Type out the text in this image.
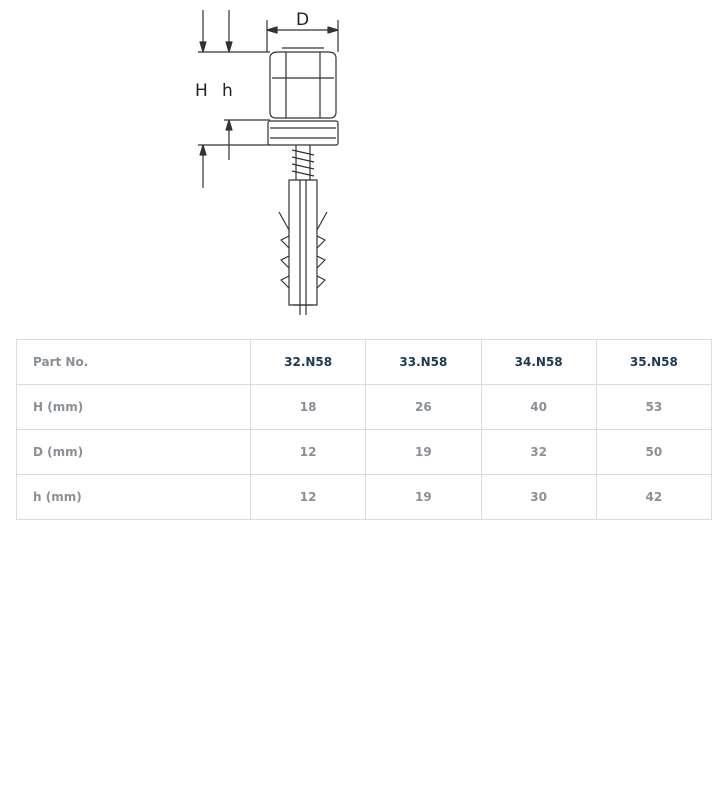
D
H h
Part No.	32.N58	33.N58	34.N58	35.N58
H (mm)	18	26	40	53
D (mm)	12	19	32	50
h (mm)	12	19	30	42
